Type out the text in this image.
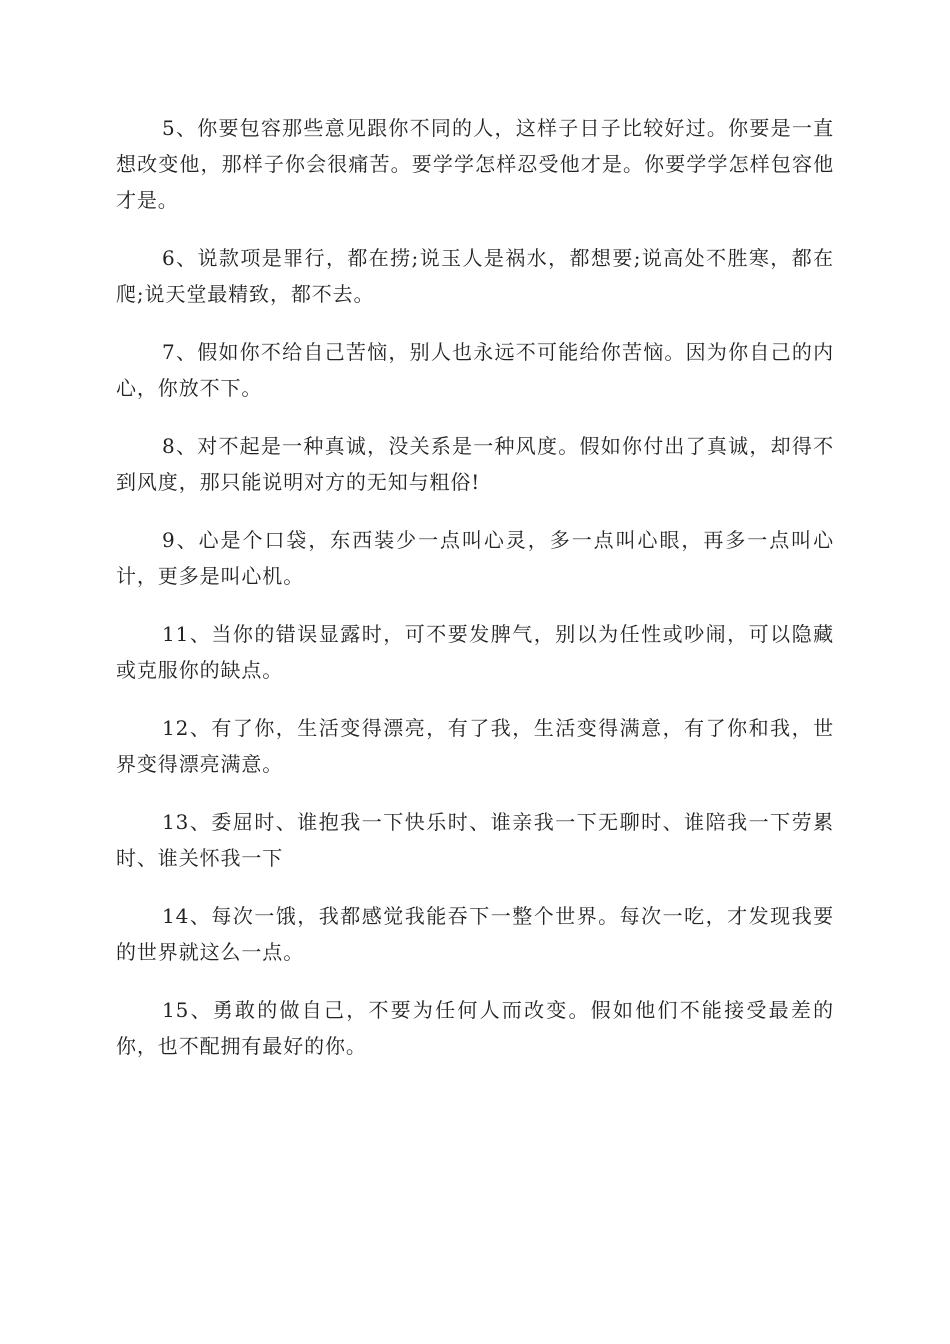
5、你要包容那些意见跟你不同的人，这样子日子比较好过。你要是一直想改变他，那样子你会很痛苦。要学学怎样忍受他才是。你要学学怎样包容他才是。

6、说款项是罪行，都在捞;说玉人是祸水，都想要;说高处不胜寒，都在爬;说天堂最精致，都不去。

7、假如你不给自己苦恼，别人也永远不可能给你苦恼。因为你自己的内心，你放不下。

8、对不起是一种真诚，没关系是一种风度。假如你付出了真诚，却得不到风度，那只能说明对方的无知与粗俗!

9、心是个口袋，东西装少一点叫心灵，多一点叫心眼，再多一点叫心计，更多是叫心机。

11、当你的错误显露时，可不要发脾气，别以为任性或吵闹，可以隐藏或克服你的缺点。

12、有了你，生活变得漂亮，有了我，生活变得满意，有了你和我，世界变得漂亮满意。

13、委屈时、谁抱我一下快乐时、谁亲我一下无聊时、谁陪我一下劳累时、谁关怀我一下

14、每次一饿，我都感觉我能吞下一整个世界。每次一吃，才发现我要的世界就这么一点。

15、勇敢的做自己，不要为任何人而改变。假如他们不能接受最差的你，也不配拥有最好的你。
